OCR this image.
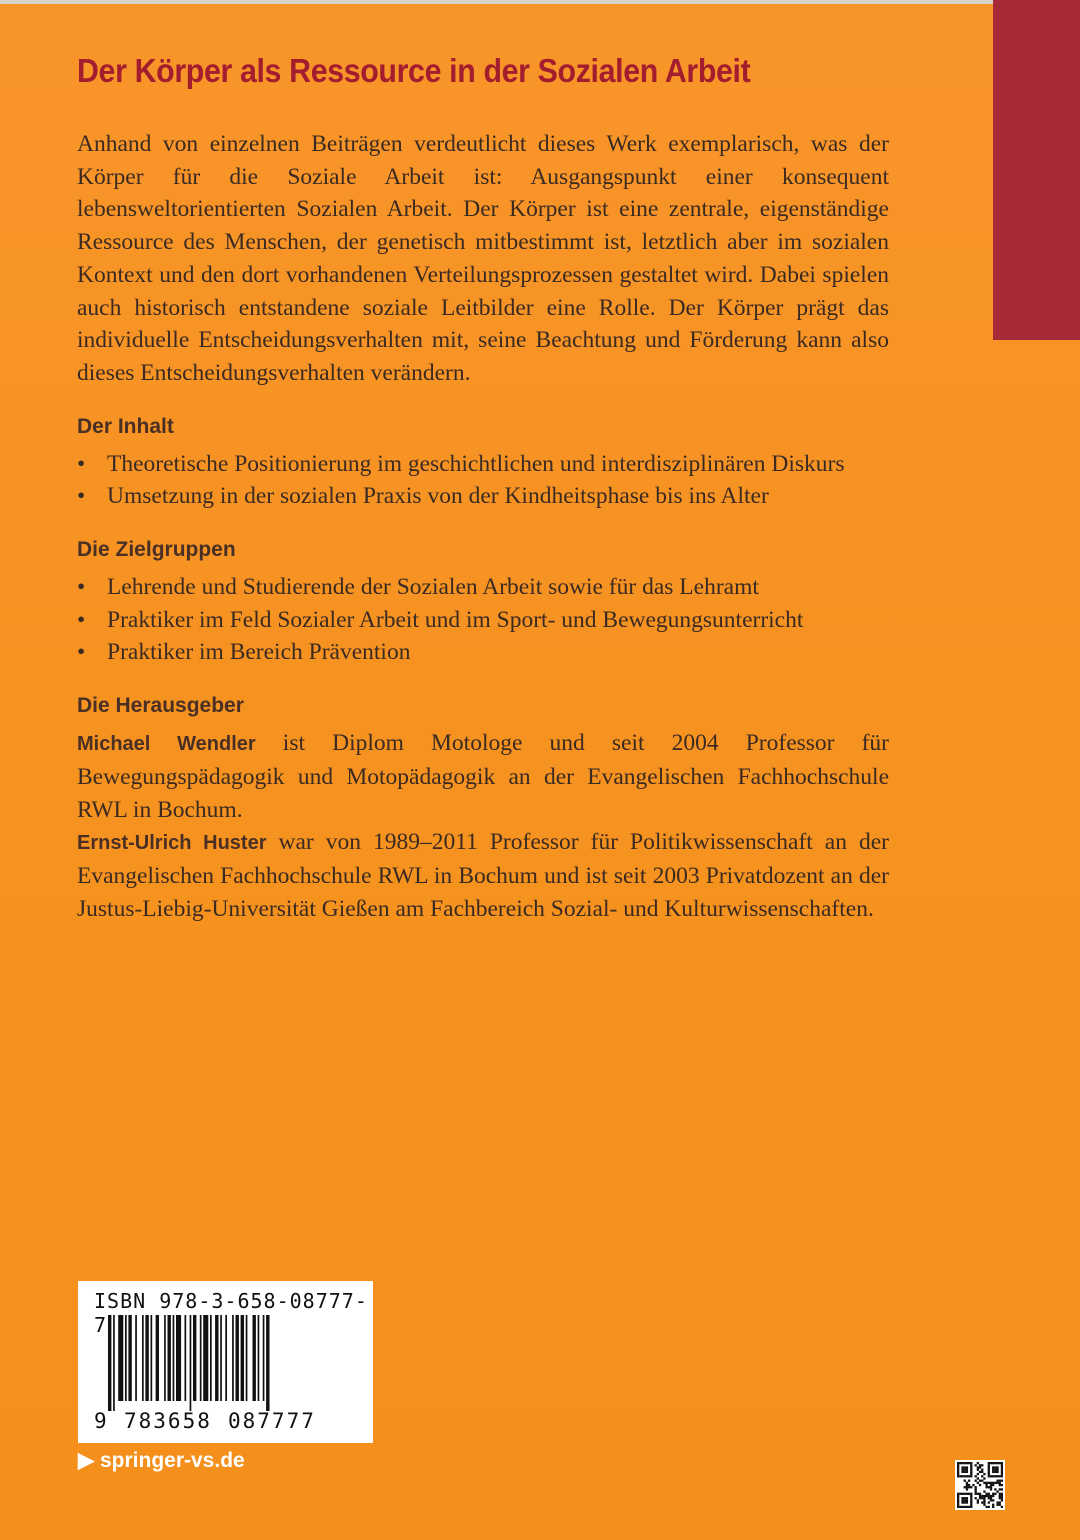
Der Körper als Ressource in der Sozialen Arbeit

Anhand von einzelnen Beiträgen verdeutlicht dieses Werk exemplarisch, was der Körper für die Soziale Arbeit ist: Ausgangspunkt einer konsequent lebensweltorientierten Sozialen Arbeit. Der Körper ist eine zentrale, eigenständige Ressource des Menschen, der genetisch mitbestimmt ist, letztlich aber im sozialen Kontext und den dort vorhandenen Verteilungsprozessen gestaltet wird. Dabei spielen auch historisch entstandene soziale Leitbilder eine Rolle. Der Körper prägt das individuelle Entscheidungsverhalten mit, seine Beachtung und Förderung kann also dieses Entscheidungsverhalten verändern.

Der Inhalt
• Theoretische Positionierung im geschichtlichen und interdisziplinären Diskurs
• Umsetzung in der sozialen Praxis von der Kindheitsphase bis ins Alter
Die Zielgruppen
• Lehrende und Studierende der Sozialen Arbeit sowie für das Lehramt
• Praktiker im Feld Sozialer Arbeit und im Sport- und Bewegungsunterricht
• Praktiker im Bereich Prävention
Die Herausgeber

Michael Wendler ist Diplom Motologe und seit 2004 Professor für Bewegungspädagogik und Motopädagogik an der Evangelischen Fachhochschule RWL in Bochum.

Ernst-Ulrich Huster war von 1989–2011 Professor für Politikwissenschaft an der Evangelischen Fachhochschule RWL in Bochum und ist seit 2003 Privatdozent an der Justus-Liebig-Universität Gießen am Fachbereich Sozial- und Kulturwissenschaften.

ISBN 978-3-658-08777-7
9 783658 087777
▶ springer-vs.de
